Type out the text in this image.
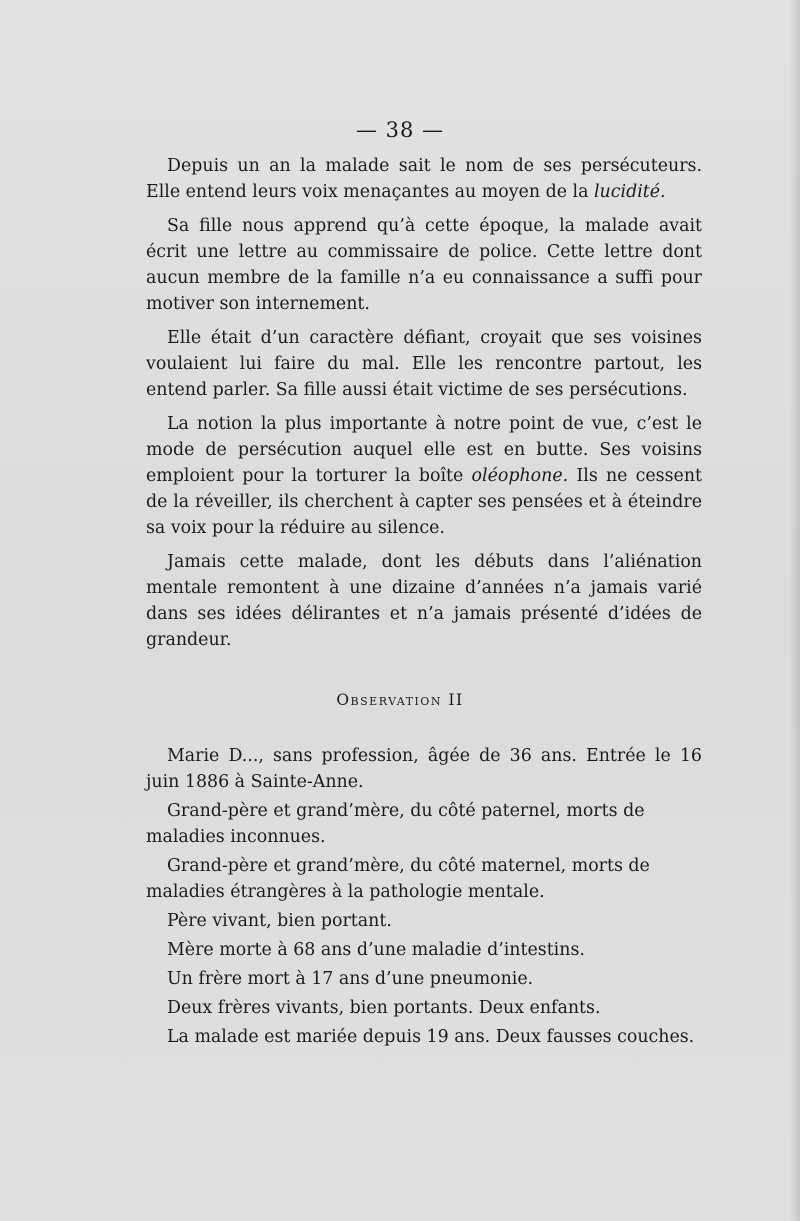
— 38 —

Depuis un an la malade sait le nom de ses persécuteurs. Elle entend leurs voix menaçantes au moyen de la lucidité.

Sa fille nous apprend qu’à cette époque, la malade avait écrit une lettre au commissaire de police. Cette lettre dont aucun membre de la famille n’a eu connaissance a suffi pour motiver son internement.

Elle était d’un caractère défiant, croyait que ses voisines voulaient lui faire du mal. Elle les rencontre partout, les entend parler. Sa fille aussi était victime de ses persécutions.

La notion la plus importante à notre point de vue, c’est le mode de persécution auquel elle est en butte. Ses voisins emploient pour la torturer la boîte oléophone. Ils ne cessent de la réveiller, ils cherchent à capter ses pensées et à éteindre sa voix pour la réduire au silence.

Jamais cette malade, dont les débuts dans l’aliénation mentale remontent à une dizaine d’années n’a jamais varié dans ses idées délirantes et n’a jamais présenté d’idées de grandeur.

Observation II

Marie D..., sans profession, âgée de 36 ans. Entrée le 16 juin 1886 à Sainte-Anne.

Grand-père et grand’mère, du côté paternel, morts de maladies inconnues.

Grand-père et grand’mère, du côté maternel, morts de maladies étrangères à la pathologie mentale.

Père vivant, bien portant.

Mère morte à 68 ans d’une maladie d’intestins.

Un frère mort à 17 ans d’une pneumonie.

Deux frères vivants, bien portants. Deux enfants.

La malade est mariée depuis 19 ans. Deux fausses couches.
